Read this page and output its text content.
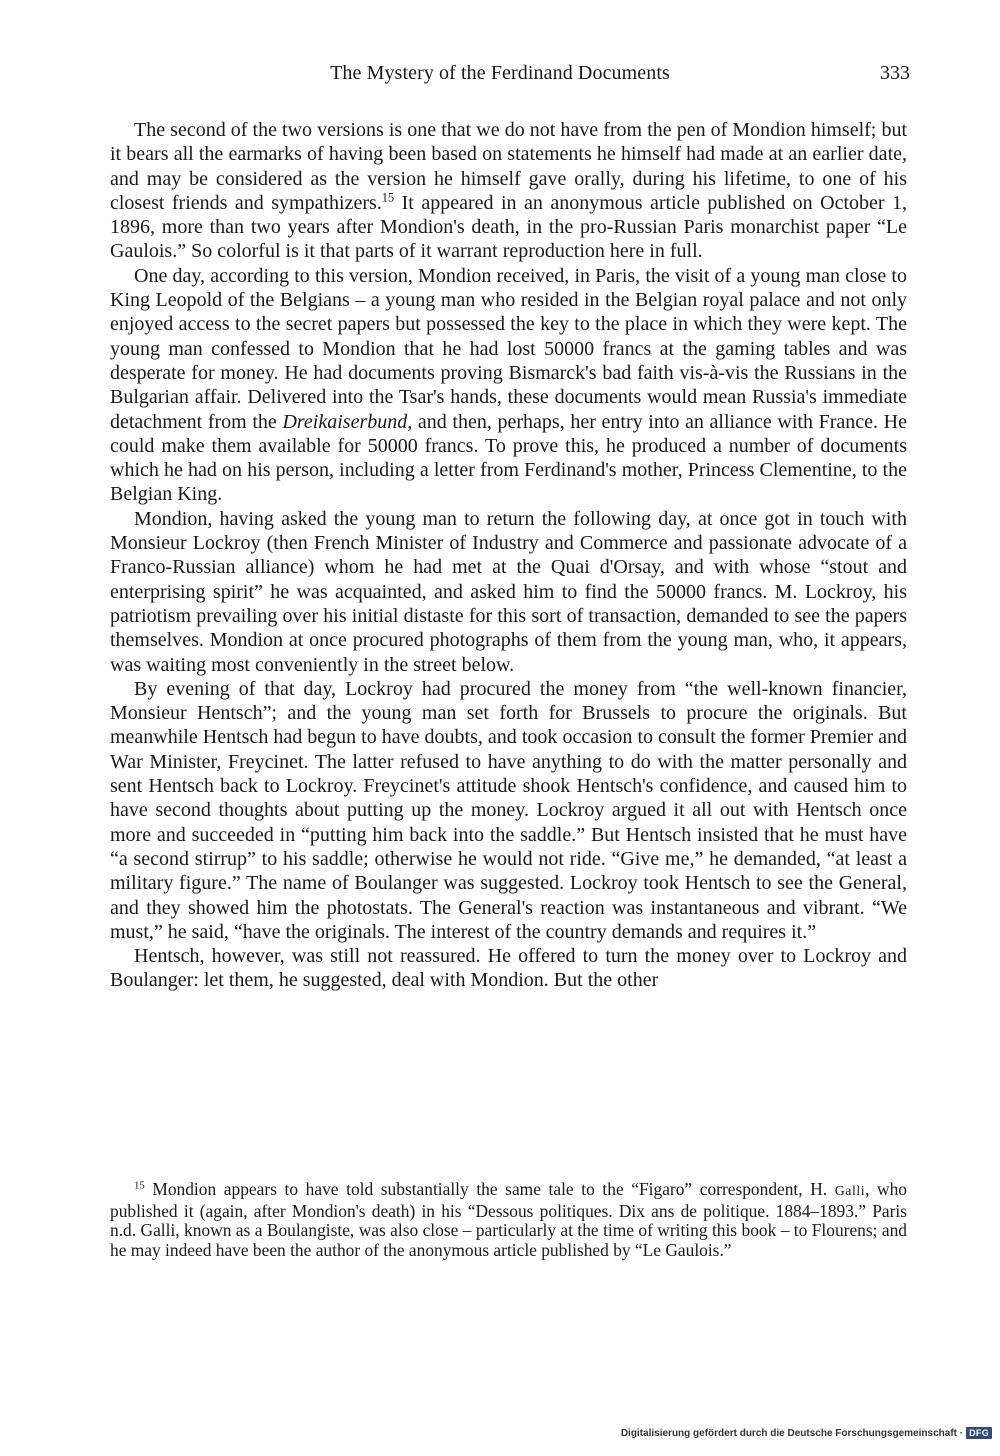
The Mystery of the Ferdinand Documents	333

The second of the two versions is one that we do not have from the pen of Mondion himself; but it bears all the earmarks of having been based on statements he himself had made at an earlier date, and may be considered as the version he himself gave orally, during his lifetime, to one of his closest friends and sympathizers.$^{15}$ It appeared in an anonymous article published on October 1, 1896, more than two years after Mondion's death, in the pro-Russian Paris monarchist paper “Le Gaulois.” So colorful is it that parts of it warrant reproduction here in full.

One day, according to this version, Mondion received, in Paris, the visit of a young man close to King Leopold of the Belgians – a young man who resided in the Belgian royal palace and not only enjoyed access to the secret papers but possessed the key to the place in which they were kept. The young man confessed to Mondion that he had lost 50000 francs at the gaming tables and was desperate for money. He had documents proving Bismarck's bad faith vis-à-vis the Russians in the Bulgarian affair. Delivered into the Tsar's hands, these documents would mean Russia's immediate detachment from the Dreikaiserbund, and then, perhaps, her entry into an alliance with France. He could make them available for 50000 francs. To prove this, he produced a number of documents which he had on his person, including a letter from Ferdinand's mother, Princess Clementine, to the Belgian King.

Mondion, having asked the young man to return the following day, at once got in touch with Monsieur Lockroy (then French Minister of Industry and Commerce and passionate advocate of a Franco-Russian alliance) whom he had met at the Quai d'Orsay, and with whose “stout and enterprising spirit” he was acquainted, and asked him to find the 50000 francs. M. Lockroy, his patriotism prevailing over his initial distaste for this sort of transaction, demanded to see the papers themselves. Mondion at once procured photographs of them from the young man, who, it appears, was waiting most conveniently in the street below.

By evening of that day, Lockroy had procured the money from “the well-known financier, Monsieur Hentsch”; and the young man set forth for Brussels to procure the originals. But meanwhile Hentsch had begun to have doubts, and took occasion to consult the former Premier and War Minister, Freycinet. The latter refused to have anything to do with the matter personally and sent Hentsch back to Lockroy. Freycinet's attitude shook Hentsch's confidence, and caused him to have second thoughts about putting up the money. Lockroy argued it all out with Hentsch once more and succeeded in “putting him back into the saddle.” But Hentsch insisted that he must have “a second stirrup” to his saddle; otherwise he would not ride. “Give me,” he demanded, “at least a military figure.” The name of Boulanger was suggested. Lockroy took Hentsch to see the General, and they showed him the photostats. The General's reaction was instantaneous and vibrant. “We must,” he said, “have the originals. The interest of the country demands and requires it.”

Hentsch, however, was still not reassured. He offered to turn the money over to Lockroy and Boulanger: let them, he suggested, deal with Mondion. But the other

$^{15}$ Mondion appears to have told substantially the same tale to the “Figaro” correspondent, H. Galli, who published it (again, after Mondion's death) in his “Dessous politiques. Dix ans de politique. 1884–1893.” Paris n.d. Galli, known as a Boulangiste, was also close – particularly at the time of writing this book – to Flourens; and he may indeed have been the author of the anonymous article published by “Le Gaulois.”

Digitalisierung gefördert durch die Deutsche Forschungsgemeinschaft · DFG
